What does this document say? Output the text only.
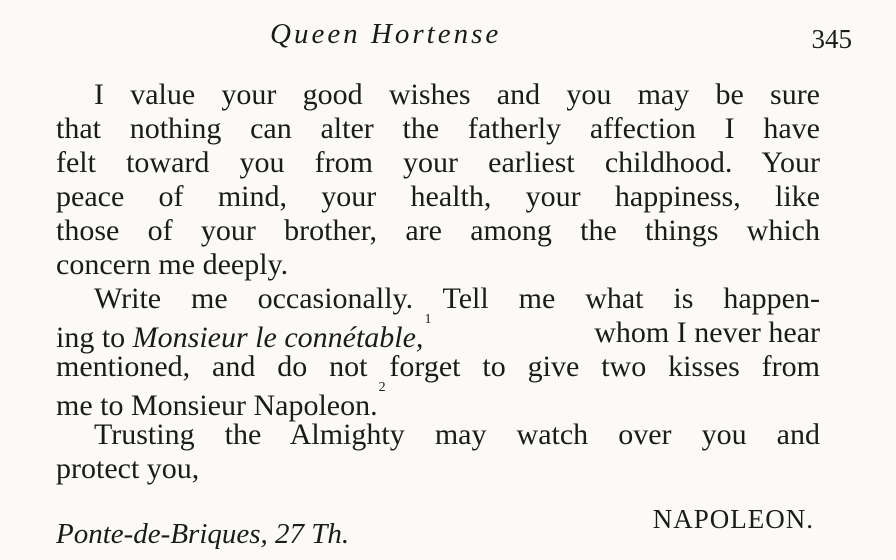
Queen Hortense	345
I value your good wishes and you may be sure
that nothing can alter the fatherly affection I have
felt toward you from your earliest childhood. Your
peace of mind, your health, your happiness, like
those of your brother, are among the things which
concern me deeply.
Write me occasionally. Tell me what is happen-
ing to Monsieur le connétable,$^1$	whom I never hear
mentioned, and do not forget to give two kisses from
me to Monsieur Napoleon.$^2$
Trusting the Almighty may watch over you and
protect you,
NAPOLEON.
Ponte-de-Briques, 27 Th.
